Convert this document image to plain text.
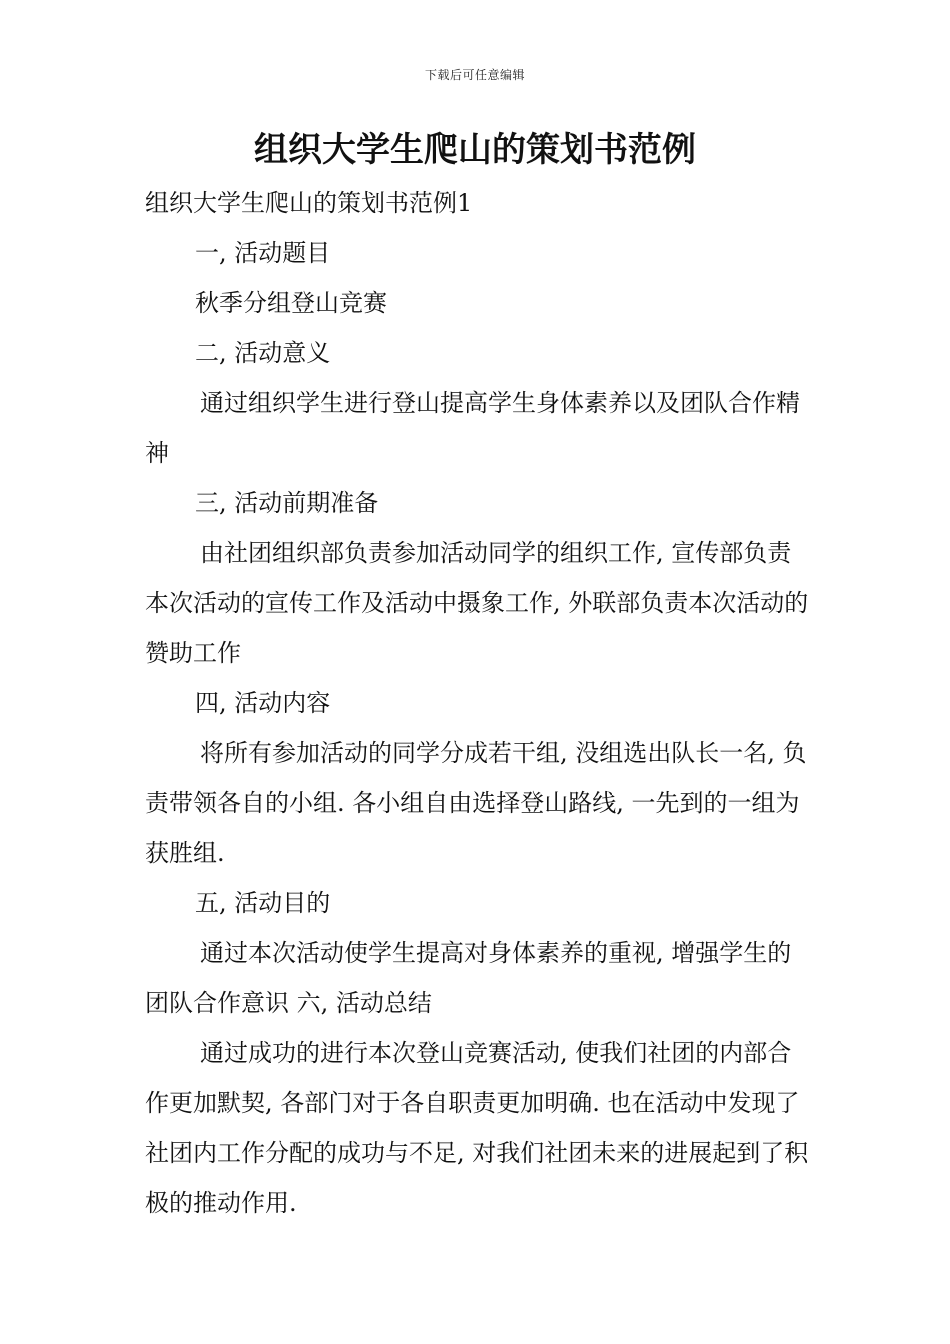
下载后可任意编辑
组织大学生爬山的策划书范例

组织大学生爬山的策划书范例1

一, 活动题目

秋季分组登山竞赛

二, 活动意义

通过组织学生进行登山提高学生身体素养以及团队合作精神

三, 活动前期准备

由社团组织部负责参加活动同学的组织工作, 宣传部负责本次活动的宣传工作及活动中摄象工作, 外联部负责本次活动的赞助工作

四, 活动内容

将所有参加活动的同学分成若干组, 没组选出队长一名, 负责带领各自的小组. 各小组自由选择登山路线, 一先到的一组为获胜组.

五, 活动目的

通过本次活动使学生提高对身体素养的重视, 增强学生的团队合作意识 六, 活动总结

通过成功的进行本次登山竞赛活动, 使我们社团的内部合作更加默契, 各部门对于各自职责更加明确. 也在活动中发现了社团内工作分配的成功与不足, 对我们社团未来的进展起到了积极的推动作用.
